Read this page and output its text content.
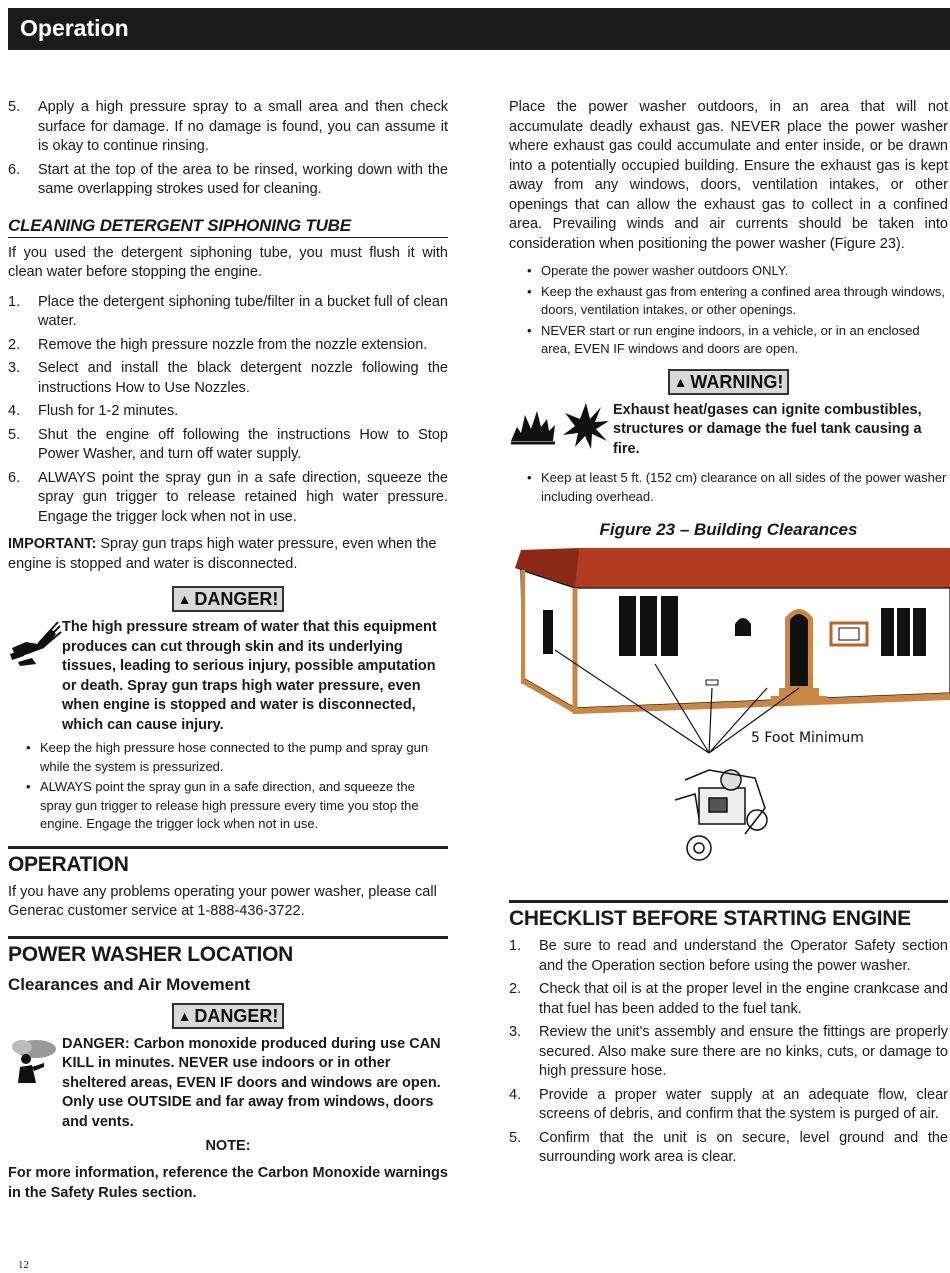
Operation
5.	Apply a high pressure spray to a small area and then check surface for damage. If no damage is found, you can assume it is okay to continue rinsing.
6.	Start at the top of the area to be rinsed, working down with the same overlapping strokes used for cleaning.
CLEANING DETERGENT SIPHONING TUBE

If you used the detergent siphoning tube, you must flush it with clean water before stopping the engine.

1.	Place the detergent siphoning tube/filter in a bucket full of clean water.
2.	Remove the high pressure nozzle from the nozzle extension.
3.	Select and install the black detergent nozzle following the instructions How to Use Nozzles.
4.	Flush for 1-2 minutes.
5.	Shut the engine off following the instructions How to Stop Power Washer, and turn off water supply.
6.	ALWAYS point the spray gun in a safe direction, squeeze the spray gun trigger to release retained high water pressure. Engage the trigger lock when not in use.

IMPORTANT: Spray gun traps high water pressure, even when the engine is stopped and water is disconnected.

▲ DANGER!
The high pressure stream of water that this equipment produces can cut through skin and its underlying tissues, leading to serious injury, possible amputation or death. Spray gun traps high water pressure, even when engine is stopped and water is disconnected, which can cause injury.
• Keep the high pressure hose connected to the pump and spray gun while the system is pressurized.
• ALWAYS point the spray gun in a safe direction, and squeeze the spray gun trigger to release high pressure every time you stop the engine. Engage the trigger lock when not in use.
OPERATION

If you have any problems operating your power washer, please call Generac customer service at 1-888-436-3722.

POWER WASHER LOCATION
Clearances and Air Movement
▲ DANGER!
DANGER: Carbon monoxide produced during use CAN KILL in minutes. NEVER use indoors or in other sheltered areas, EVEN IF doors and windows are open. Only use OUTSIDE and far away from windows, doors and vents.
NOTE:

For more information, reference the Carbon Monoxide warnings in the Safety Rules section.

Place the power washer outdoors, in an area that will not accumulate deadly exhaust gas. NEVER place the power washer where exhaust gas could accumulate and enter inside, or be drawn into a potentially occupied building. Ensure the exhaust gas is kept away from any windows, doors, ventilation intakes, or other openings that can allow the exhaust gas to collect in a confined area. Prevailing winds and air currents should be taken into consideration when positioning the power washer (Figure 23).

• Operate the power washer outdoors ONLY.
• Keep the exhaust gas from entering a confined area through windows, doors, ventilation intakes, or other openings.
• NEVER start or run engine indoors, in a vehicle, or in an enclosed area, EVEN IF windows and doors are open.
▲ WARNING!
Exhaust heat/gases can ignite combustibles, structures or damage the fuel tank causing a fire.
• Keep at least 5 ft. (152 cm) clearance on all sides of the power washer including overhead.
Figure 23 – Building Clearances
5 Foot Minimum
CHECKLIST BEFORE STARTING ENGINE
1.	Be sure to read and understand the Operator Safety section and the Operation section before using the power washer.
2.	Check that oil is at the proper level in the engine crankcase and that fuel has been added to the fuel tank.
3.	Review the unit's assembly and ensure the fittings are properly secured. Also make sure there are no kinks, cuts, or damage to high pressure hose.
4.	Provide a proper water supply at an adequate flow, clear screens of debris, and confirm that the system is purged of air.
5.	Confirm that the unit is on secure, level ground and the surrounding work area is clear.
12
